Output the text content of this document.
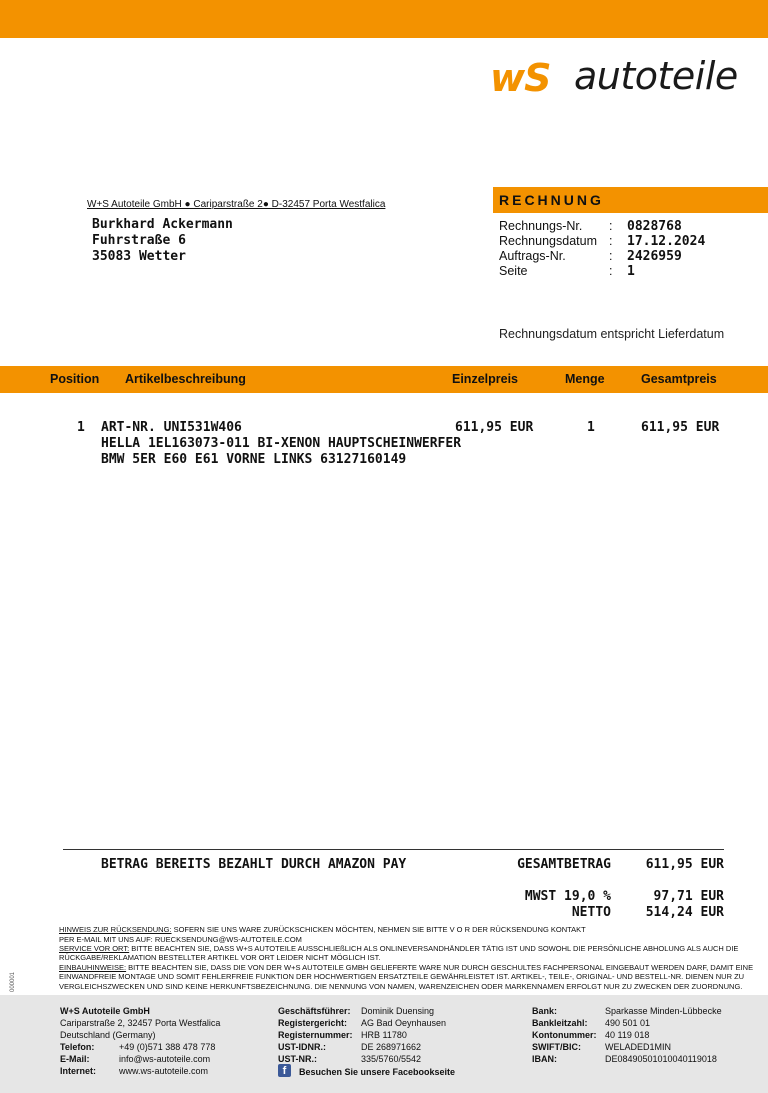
wS autoteile
W+S Autoteile GmbH ● Cariparstraße 2● D-32457 Porta Westfalica
Burkhard Ackermann
Fuhrstraße 6
35083 Wetter
RECHNUNG
Rechnungs-Nr. : 0828768
Rechnungsdatum : 17.12.2024
Auftrags-Nr.	: 2426959
Seite	: 1
Rechnungsdatum entspricht Lieferdatum
Position Artikelbeschreibung	Einzelpreis	Menge	Gesamtpreis
1 ART-NR. UNI531W406	611,95 EUR	1	611,95 EUR
HELLA 1EL163073-011 BI-XENON HAUPTSCHEINWERFER
BMW 5ER E60 E61 VORNE LINKS 63127160149
BETRAG BEREITS BEZAHLT DURCH AMAZON PAY	GESAMTBETRAG	611,95 EUR
MWST 19,0 %	97,71 EUR
NETTO	514,24 EUR
HINWEIS ZUR RÜCKSENDUNG: SOFERN SIE UNS WARE ZURÜCKSCHICKEN MÖCHTEN, NEHMEN SIE BITTE V O R DER RÜCKSENDUNG KONTAKT
PER E-MAIL MIT UNS AUF: RUECKSENDUNG@WS-AUTOTEILE.COM
SERVICE VOR ORT: BITTE BEACHTEN SIE, DASS W+S AUTOTEILE AUSSCHLIEßLICH ALS ONLINEVERSANDHÄNDLER TÄTIG IST UND SOWOHL DIE PERSÖNLICHE ABHOLUNG ALS AUCH DIE
RÜCKGABE/REKLAMATION BESTELLTER ARTIKEL VOR ORT LEIDER NICHT MÖGLICH IST.
EINBAUHINWEISE: BITTE BEACHTEN SIE, DASS DIE VON DER W+S AUTOTEILE GMBH GELIEFERTE WARE NUR DURCH GESCHULTES FACHPERSONAL EINGEBAUT WERDEN DARF, DAMIT EINE
EINWANDFREIE MONTAGE UND SOMIT FEHLERFREIE FUNKTION DER HOCHWERTIGEN ERSATZTEILE GEWÄHRLEISTET IST. ARTIKEL-, TEILE-, ORIGINAL- UND BESTELL-NR. DIENEN NUR ZU
VERGLEICHSZWECKEN UND SIND KEINE HERKUNFTSBEZEICHNUNG. DIE NENNUNG VON NAMEN, WARENZEICHEN ODER MARKENNAMEN ERFOLGT NUR ZU ZWECKEN DER ZUORDNUNG.
000001
W+S Autoteile GmbH
Cariparstraße 2, 32457 Porta Westfalica
Deutschland (Germany)
Telefon:	+49 (0)571 388 478 778
E-Mail:	info@ws-autoteile.com
Internet:	www.ws-autoteile.com
Geschäftsführer: Dominik Duensing
Registergericht: AG Bad Oeynhausen
Registernummer: HRB 11780
UST-IDNR.:	DE 268971662
UST-NR.:	335/5760/5542
Bank:	Sparkasse Minden-Lübbecke
Bankleitzahl: 490 501 01
Kontonummer: 40 119 018
SWIFT/BIC:	WELADED1MIN
IBAN:	DE08490501010040119018
f	Besuchen Sie unsere Facebookseite
